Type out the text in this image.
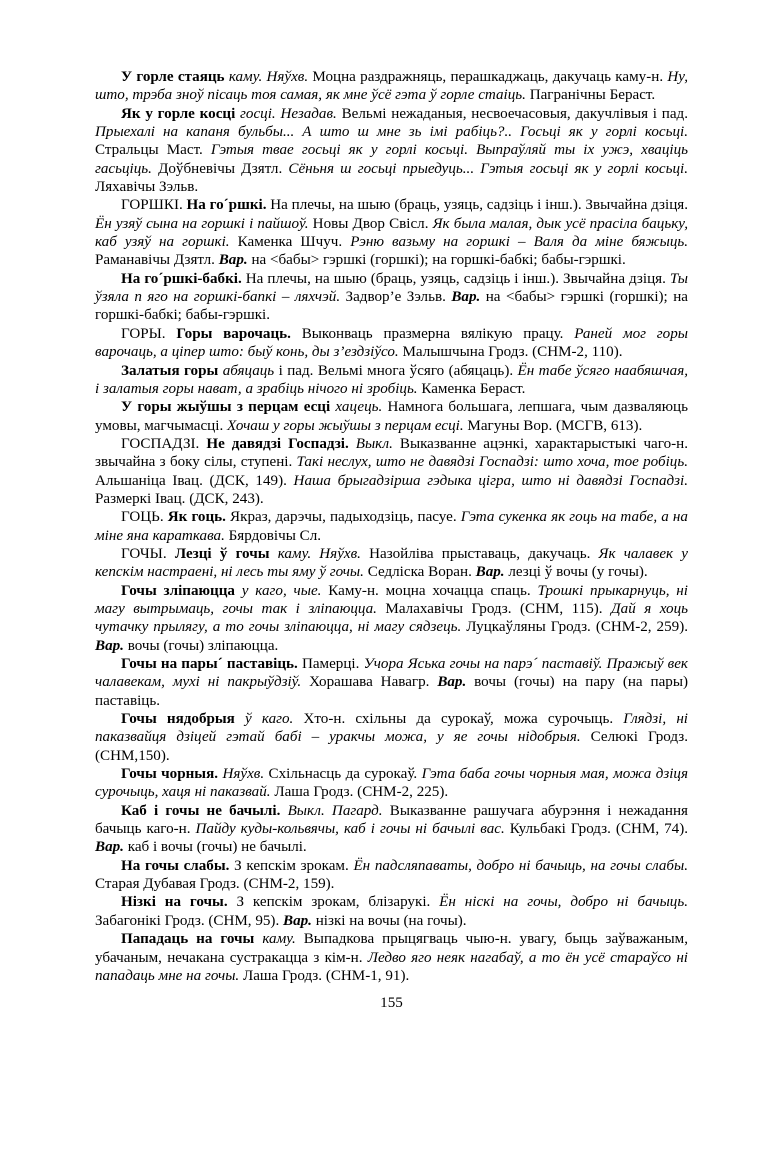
У горле стаяць каму. Няўхв. Моцна раздражняць, перашкаджаць, дакучаць каму-н. Ну, што, трэба зноў пісаць тоя самая, як мне ўсё гэта ў горле стаіць. Пагранічны Бераст.

Як у горле косці госці. Незадав. Вельмі нежаданыя, несвоечасовыя, дакучлівыя і пад. Прыехалі на капаня бульбы... А што ш мне зь імі рабіць?.. Госьці як у горлі косьці. Стральцы Маст. Гэтыя твае госьці як у горлі косьці. Выпраўляй ты іх ужэ, хваціць гасьціць. Доўбневічы Дзятл. Сёньня ш госьці прыедуць... Гэтыя госьці як у горлі косьці. Ляхавічы Зэльв.

ГОРШКІ. На го´ршкі. На плечы, на шыю (браць, узяць, садзіць і інш.). Звычайна дзіця. Ён узяў сына на горшкі і пайшоў. Новы Двор Свісл. Як была малая, дык усё прасіла бацьку, каб узяў на горшкі. Каменка Шчуч. Рэню вазьму на горшкі – Валя да міне бяжыць. Раманавічы Дзятл. Вар. на <бабы> гэршкі (горшкі); на горшкі-бабкі; бабы-гэршкі.

На го´ршкі-бабкі. На плечы, на шыю (браць, узяць, садзіць і інш.). Звычайна дзіця. Ты ўзяла п яго на горшкі-бапкі – ляхчэй. Задвор’е Зэльв. Вар. на <бабы> гэршкі (горшкі); на горшкі-бабкі; бабы-гэршкі.

ГОРЫ. Горы варочаць. Выконваць празмерна вялікую працу. Раней мог горы варочаць, а ціпер што: быў конь, ды з’ездзіўсо. Малышчына Гродз. (СНМ-2, 110).

Залатыя горы абяцаць і пад. Вельмі многа ўсяго (абяцаць). Ён табе ўсяго наабяшчая, і залатыя горы нават, а зрабіць нічого ні зробіць. Каменка Бераст.

У горы жыўшы з перцам есці хацець. Намнога большага, лепшага, чым дазваляюць умовы, магчымасці. Хочаш у горы жыўшы з перцам есці. Магуны Вор. (МСГВ, 613).

ГОСПАДЗІ. Не давядзі Госпадзі. Выкл. Выказванне ацэнкі, характарыстыкі чаго-н. звычайна з боку сілы, ступені. Такі неслух, што не давядзі Госпадзі: што хоча, тое робіць. Альшаніца Івац. (ДСК, 149). Наша брыгадзірша гэдыка цігра, што ні давядзі Госпадзі. Размеркі Івац. (ДСК, 243).

ГОЦЬ. Як гоць. Якраз, дарэчы, падыходзіць, пасуе. Гэта сукенка як гоць на табе, а на міне яна караткава. Бярдовічы Сл.

ГОЧЫ. Лезці ў гочы каму. Няўхв. Назойліва прыставаць, дакучаць. Як чалавек у кепскім настраені, ні лесь ты яму ў гочы. Седліска Воран. Вар. лезці ў вочы (у гочы).

Гочы зліпаюцца у каго, чые. Каму-н. моцна хочацца спаць. Трошкі прыкарнуць, ні магу вытрымаць, гочы так і зліпаюцца. Малахавічы Гродз. (СНМ, 115). Дай я хоць чутачку прылягу, а то гочы зліпаюцца, ні магу сядзець. Луцкаўляны Гродз. (СНМ-2, 259). Вар. вочы (гочы) зліпаюцца.

Гочы на пары´ паставіць. Памерці. Учора Яська гочы на парэ´ паставіў. Пражыў век чалавекам, мухі ні пакрыўдзіў. Хорашава Навагр. Вар. вочы (гочы) на пару (на пары) паставіць.

Гочы нядобрыя ў каго. Хто-н. схільны да сурокаў, можа сурочыць. Глядзі, ні паказвайця дзіцей гэтай бабі – уракчы можа, у яе гочы нідобрыя. Селюкі Гродз. (СНМ,150).

Гочы чорныя. Няўхв. Схільнасць да сурокаў. Гэта баба гочы чорныя мая, можа дзіця сурочыць, хаця ні паказвай. Лаша Гродз. (СНМ-2, 225).

Каб і гочы не бачылі. Выкл. Пагард. Выказванне рашучага абурэння і нежадання бачыць каго-н. Пайду куды-кольвячы, каб і гочы ні бачылі вас. Кульбакі Гродз. (СНМ, 74). Вар. каб і вочы (гочы) не бачылі.

На гочы слабы. З кепскім зрокам. Ён падсляпаваты, добро ні бачыць, на гочы слабы. Старая Дубавая Гродз. (СНМ-2, 159).

Нізкі на гочы. З кепскім зрокам, блізарукі. Ён ніскі на гочы, добро ні бачыць. Забагонікі Гродз. (СНМ, 95). Вар. нізкі на вочы (на гочы).

Пападаць на гочы каму. Выпадкова прыцягваць чыю-н. увагу, быць заўважаным, убачаным, нечакана сустракацца з кім-н. Ледво яго неяк нагабаў, а то ён усё стараўсо ні пападаць мне на гочы. Лаша Гродз. (СНМ-1, 91).

155
